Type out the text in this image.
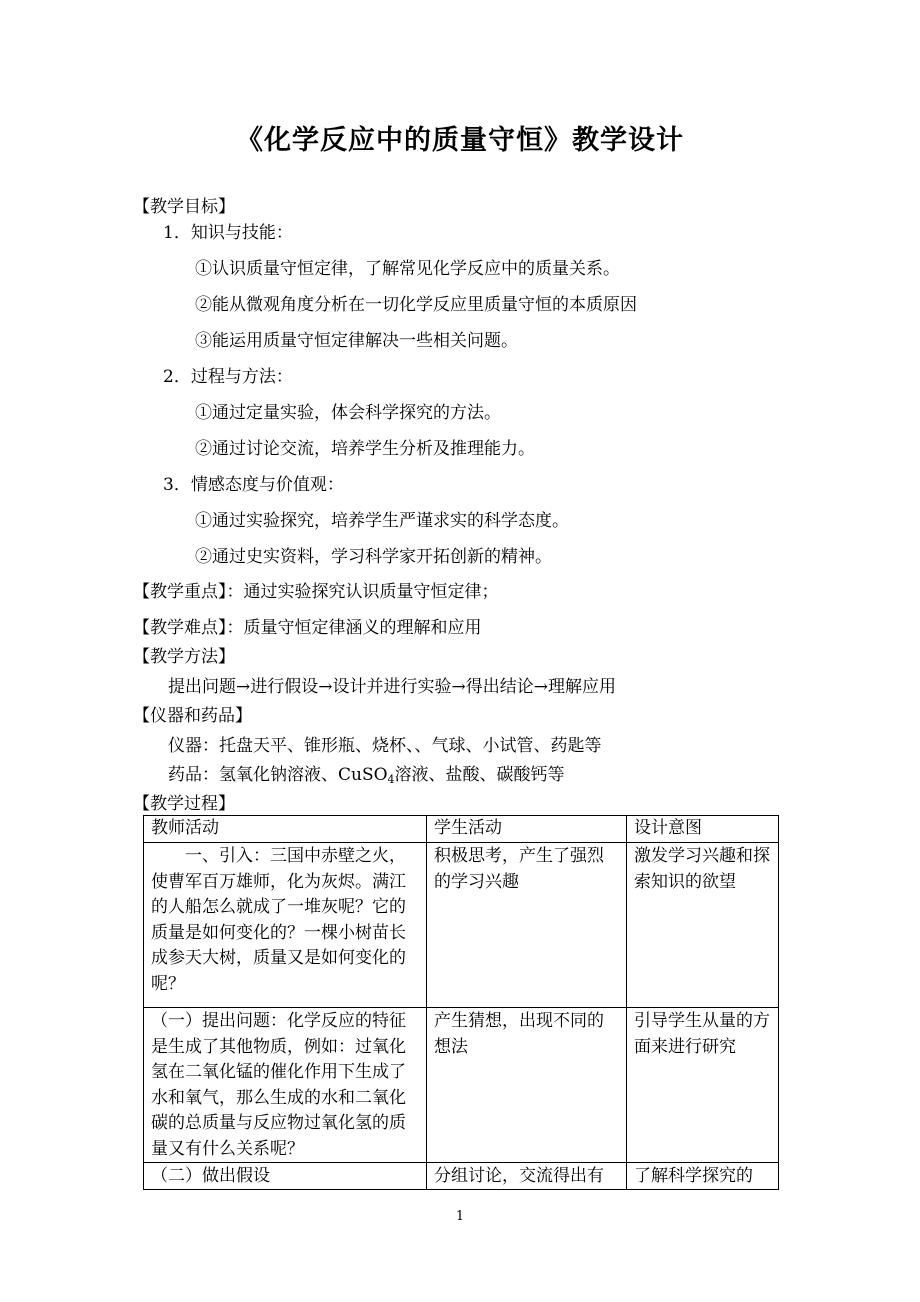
《化学反应中的质量守恒》教学设计
【教学目标】
1．知识与技能：
①认识质量守恒定律，了解常见化学反应中的质量关系。
②能从微观角度分析在一切化学反应里质量守恒的本质原因
③能运用质量守恒定律解决一些相关问题。
2．过程与方法：
①通过定量实验，体会科学探究的方法。
②通过讨论交流，培养学生分析及推理能力。
3．情感态度与价值观：
①通过实验探究，培养学生严谨求实的科学态度。
②通过史实资料，学习科学家开拓创新的精神。
【教学重点】：通过实验探究认识质量守恒定律；
【教学难点】：质量守恒定律涵义的理解和应用
【教学方法】
提出问题→进行假设→设计并进行实验→得出结论→理解应用
【仪器和药品】
仪器：托盘天平、锥形瓶、烧杯、、气球、小试管、药匙等
药品：氢氧化钠溶液、CuSO$_4$溶液、盐酸、碳酸钙等
【教学过程】
教师活动	学生活动	设计意图
一、引入：三国中赤壁之火，使曹军百万雄师，化为灰烬。满江的人船怎么就成了一堆灰呢？它的质量是如何变化的？一棵小树苗长成参天大树，质量又是如何变化的呢？	积极思考，产生了强烈的学习兴趣	激发学习兴趣和探索知识的欲望
（一）提出问题：化学反应的特征是生成了其他物质，例如：过氧化氢在二氧化锰的催化作用下生成了水和氧气，那么生成的水和二氧化碳的总质量与反应物过氧化氢的质量又有什么关系呢？	产生猜想，出现不同的想法	引导学生从量的方面来进行研究
（二）做出假设	分组讨论，交流得出有	了解科学探究的
1
